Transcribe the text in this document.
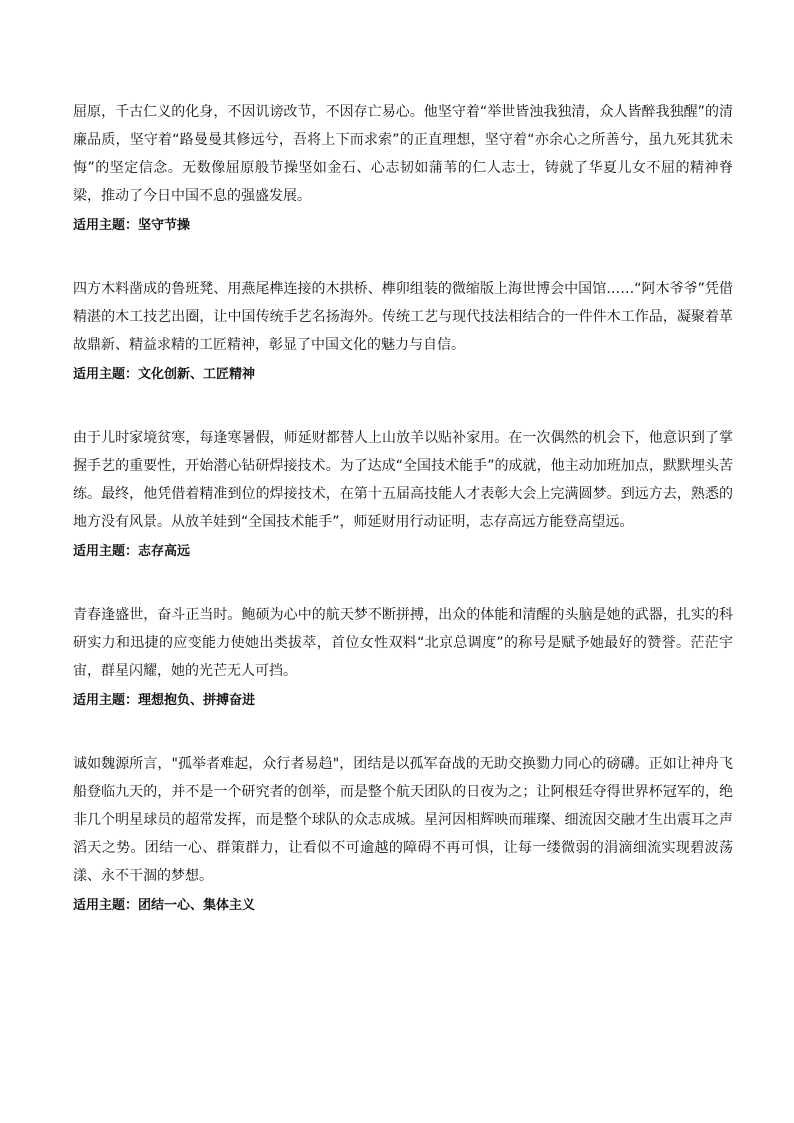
屈原，千古仁义的化身，不因讥谤改节，不因存亡易心。他坚守着“举世皆浊我独清，众人皆醉我独醒”的清廉品质，坚守着“路曼曼其修远兮，吾将上下而求索”的正直理想，坚守着“亦余心之所善兮，虽九死其犹未悔”的坚定信念。无数像屈原般节操坚如金石、心志韧如蒲苇的仁人志士，铸就了华夏儿女不屈的精神脊梁，推动了今日中国不息的强盛发展。

适用主题：坚守节操

四方木料凿成的鲁班凳、用燕尾榫连接的木拱桥、榫卯组装的微缩版上海世博会中国馆……“阿木爷爷”凭借精湛的木工技艺出圈，让中国传统手艺名扬海外。传统工艺与现代技法相结合的一件件木工作品，凝聚着革故鼎新、精益求精的工匠精神，彰显了中国文化的魅力与自信。

适用主题：文化创新、工匠精神

由于儿时家境贫寒，每逢寒暑假，师延财都替人上山放羊以贴补家用。在一次偶然的机会下，他意识到了掌握手艺的重要性，开始潜心钻研焊接技术。为了达成“全国技术能手”的成就，他主动加班加点，默默埋头苦练。最终，他凭借着精准到位的焊接技术，在第十五届高技能人才表彰大会上完满圆梦。到远方去，熟悉的地方没有风景。从放羊娃到“全国技术能手”，师延财用行动证明，志存高远方能登高望远。

适用主题：志存高远

青春逢盛世，奋斗正当时。鲍硕为心中的航天梦不断拼搏，出众的体能和清醒的头脑是她的武器，扎实的科研实力和迅捷的应变能力使她出类拔萃，首位女性双料“北京总调度”的称号是赋予她最好的赞誉。茫茫宇宙，群星闪耀，她的光芒无人可挡。

适用主题：理想抱负、拼搏奋进

诚如魏源所言，"孤举者难起，众行者易趋"，团结是以孤军奋战的无助交换勠力同心的磅礴。正如让神舟飞船登临九天的，并不是一个研究者的创举，而是整个航天团队的日夜为之；让阿根廷夺得世界杯冠军的，绝非几个明星球员的超常发挥，而是整个球队的众志成城。星河因相辉映而璀璨、细流因交融才生出震耳之声滔天之势。团结一心、群策群力，让看似不可逾越的障碍不再可惧，让每一缕微弱的涓滴细流实现碧波荡漾、永不干涸的梦想。

适用主题：团结一心、集体主义
